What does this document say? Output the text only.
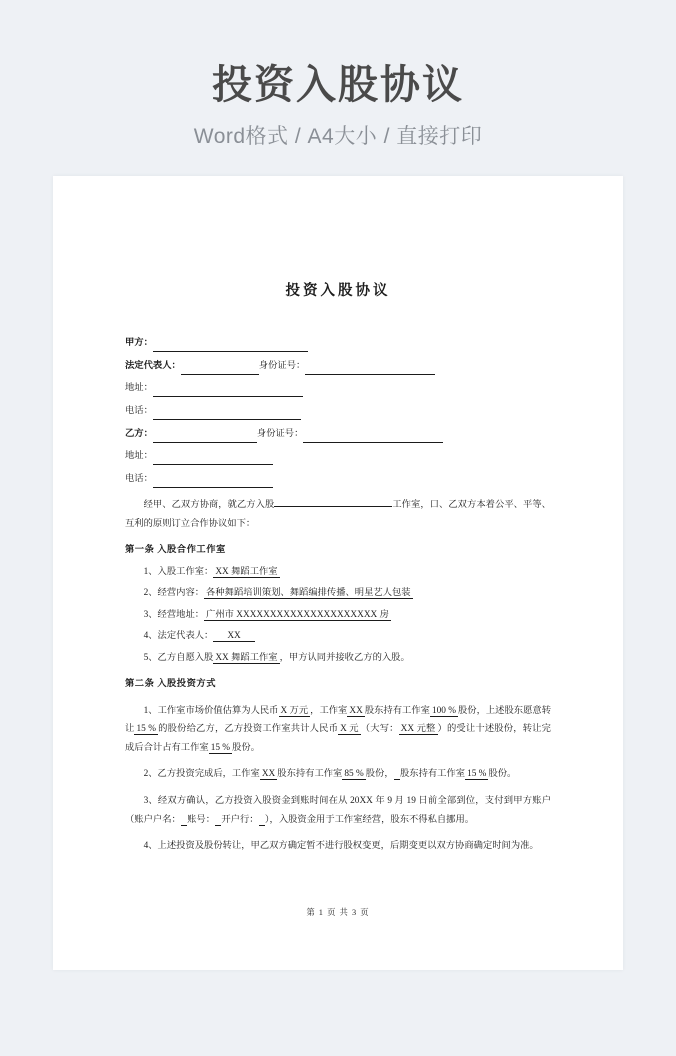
投资入股协议
Word格式 / A4大小 / 直接打印
投资入股协议
甲方：
法定代表人：	身份证号：
地址：
电话：
乙方：	身份证号：
地址：
电话：

经甲、乙双方协商，就乙方入股	工作室，口、乙双方本着公平、平等、互利的原则订立合作协议如下：

第一条 入股合作工作室

1、入股工作室： XX 舞蹈工作室

2、经营内容： 各种舞蹈培训策划、舞蹈编排传播、明星艺人包装

3、经营地址： 广州市 XXXXXXXXXXXXXXXXXXXXX 房

4、法定代表人： XX

5、乙方自愿入股 XX 舞蹈工作室 ，甲方认同并接收乙方的入股。

第二条 入股投资方式

1、工作室市场价值估算为人民币 X 万元 ，工作室 XX 股东持有工作室 100 % 股份，上述股东愿意转让 15 % 的股份给乙方，乙方投资工作室共计人民币 X 元 （大写： XX 元整 ）的受让十述股份，转让完成后合计占有工作室 15 % 股份。

2、乙方投资完成后，工作室 XX 股东持有工作室 85 % 股份， 股东持有工作室 15 % 股份。

3、经双方确认，乙方投资入股资金到账时间在从 20XX 年 9 月 19 日前全部到位，支付到甲方账户（账户户名： 账号： 开户行： ），入股资金用于工作室经营，股东不得私自挪用。

4、上述投资及股份转让，甲乙双方确定暂不进行股权变更，后期变更以双方协商确定时间为准。

第 1 页 共 3 页
